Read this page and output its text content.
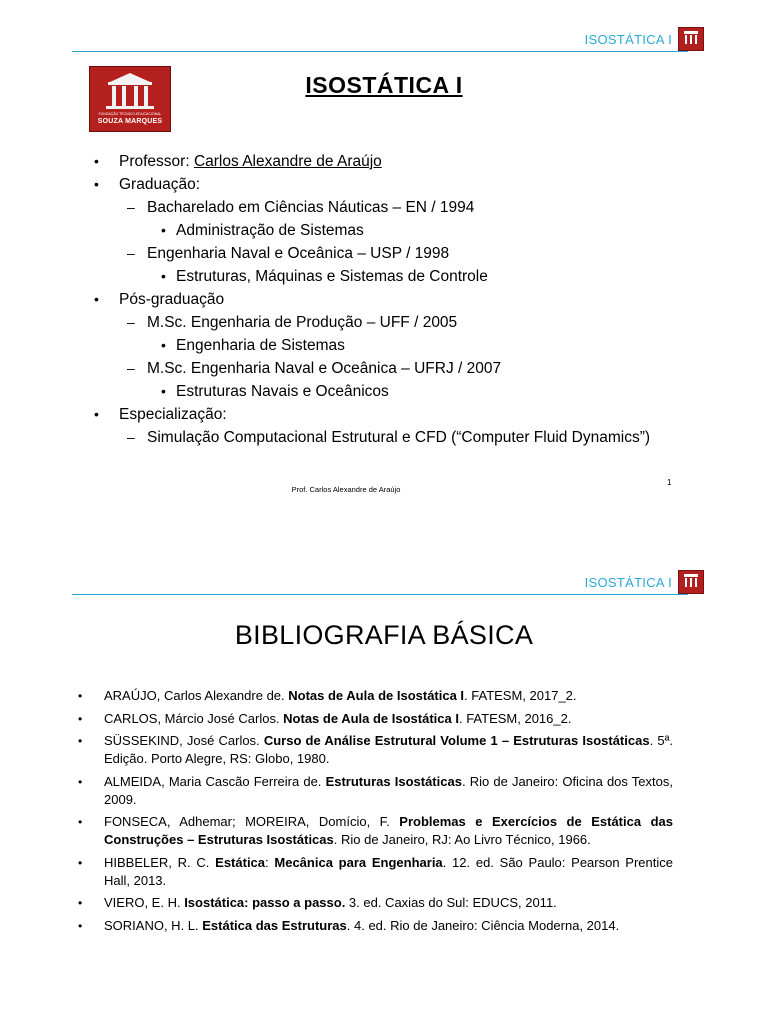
ISOSTÁTICA I
FUNDAÇÃO TÉCNICO-EDUCACIONAL
SOUZA MARQUES
ISOSTÁTICA I
• Professor: Carlos Alexandre de Araújo
• Graduação:
– Bacharelado em Ciências Náuticas – EN / 1994
• Administração de Sistemas
– Engenharia Naval e Oceânica – USP / 1998
• Estruturas, Máquinas e Sistemas de Controle
• Pós-graduação
– M.Sc. Engenharia de Produção – UFF / 2005
• Engenharia de Sistemas
– M.Sc. Engenharia Naval e Oceânica – UFRJ / 2007
• Estruturas Navais e Oceânicos
• Especialização:
– Simulação Computacional Estrutural e CFD (“Computer Fluid Dynamics”)
Prof. Carlos Alexandre de Araújo
1
ISOSTÁTICA I
BIBLIOGRAFIA BÁSICA
• ARAÚJO, Carlos Alexandre de. Notas de Aula de Isostática I. FATESM, 2017_2.
• CARLOS, Márcio José Carlos. Notas de Aula de Isostática I. FATESM, 2016_2.
• SÜSSEKIND, José Carlos. Curso de Análise Estrutural Volume 1 – Estruturas Isostáticas. 5ª. Edição. Porto Alegre, RS: Globo, 1980.
• ALMEIDA, Maria Cascão Ferreira de. Estruturas Isostáticas. Rio de Janeiro: Oficina dos Textos, 2009.
• FONSECA, Adhemar; MOREIRA, Domício, F. Problemas e Exercícios de Estática das Construções – Estruturas Isostáticas. Rio de Janeiro, RJ: Ao Livro Técnico, 1966.
• HIBBELER, R. C. Estática: Mecânica para Engenharia. 12. ed. São Paulo: Pearson Prentice Hall, 2013.
• VIERO, E. H. Isostática: passo a passo. 3. ed. Caxias do Sul: EDUCS, 2011.
• SORIANO, H. L. Estática das Estruturas. 4. ed. Rio de Janeiro: Ciência Moderna, 2014.
